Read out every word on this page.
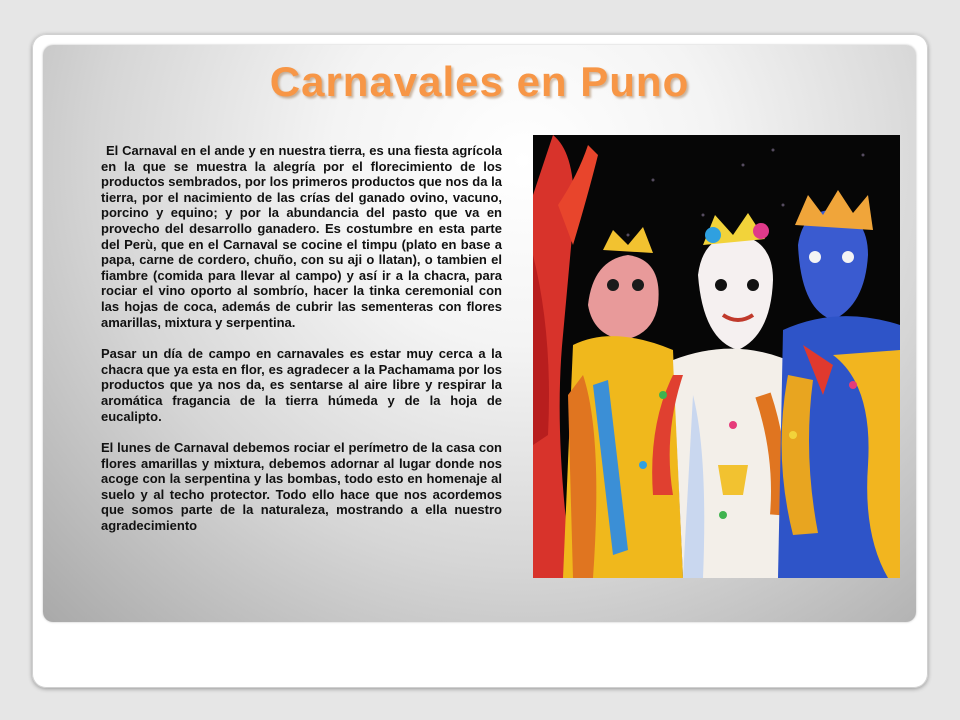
Carnavales en Puno

El Carnaval en el ande y en nuestra tierra, es una fiesta agrícola en la que se muestra la alegría por el florecimiento de los productos sembrados, por los primeros productos que nos da la tierra, por el nacimiento de las crías del ganado ovino, vacuno, porcino y equino; y por la abundancia del pasto que va en provecho del desarrollo ganadero. Es costumbre en esta parte del Perù, que en el Carnaval se cocine el timpu (plato en base a papa, carne de cordero, chuño, con su aji o llatan), o tambien el fiambre (comida para llevar al campo) y así ir a la chacra, para rociar el vino oporto al sombrío, hacer la tinka ceremonial con las hojas de coca, además de cubrir las sementeras con flores amarillas, mixtura y serpentina.

Pasar un día de campo en carnavales es estar muy cerca a la chacra que ya esta en flor, es agradecer a la Pachamama por los productos que ya nos da, es sentarse al aire libre y respirar la aromática fragancia de la tierra húmeda y de la hoja de eucalipto.

El lunes de Carnaval debemos rociar el perímetro de la casa con flores amarillas y mixtura, debemos adornar al lugar donde nos acoge con la serpentina y las bombas, todo esto en homenaje al suelo y al techo protector. Todo ello hace que nos acordemos que somos parte de la naturaleza, mostrando a ella nuestro agradecimiento
